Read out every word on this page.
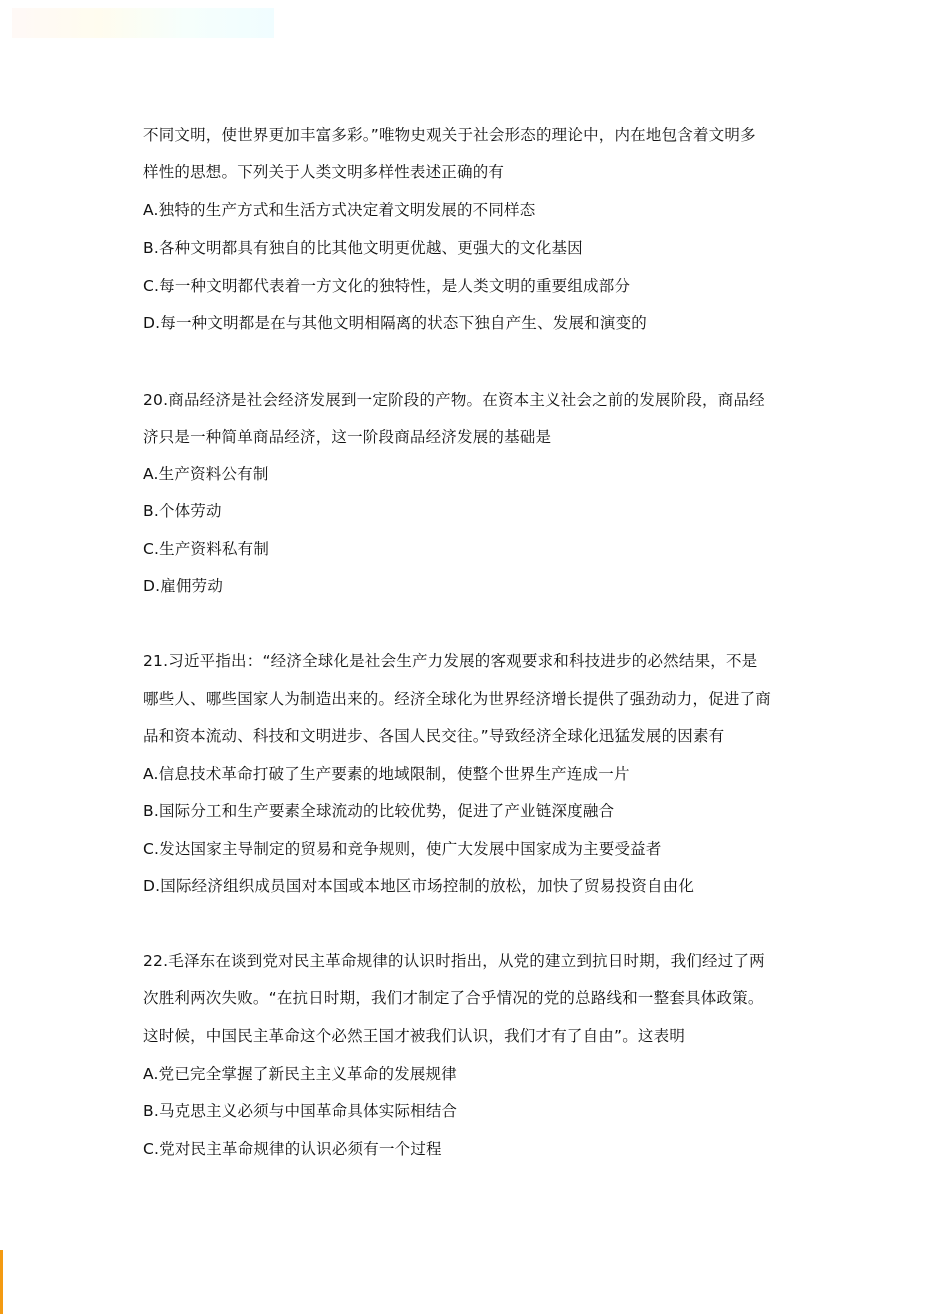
不同文明，使世界更加丰富多彩。”唯物史观关于社会形态的理论中，内在地包含着文明多
样性的思想。下列关于人类文明多样性表述正确的有
A.独特的生产方式和生活方式决定着文明发展的不同样态
B.各种文明都具有独自的比其他文明更优越、更强大的文化基因
C.每一种文明都代表着一方文化的独特性，是人类文明的重要组成部分
D.每一种文明都是在与其他文明相隔离的状态下独自产生、发展和演变的
20.商品经济是社会经济发展到一定阶段的产物。在资本主义社会之前的发展阶段，商品经
济只是一种简单商品经济，这一阶段商品经济发展的基础是
A.生产资料公有制
B.个体劳动
C.生产资料私有制
D.雇佣劳动
21.习近平指出：“经济全球化是社会生产力发展的客观要求和科技进步的必然结果，不是
哪些人、哪些国家人为制造出来的。经济全球化为世界经济增长提供了强劲动力，促进了商
品和资本流动、科技和文明进步、各国人民交往。”导致经济全球化迅猛发展的因素有
A.信息技术革命打破了生产要素的地域限制，使整个世界生产连成一片
B.国际分工和生产要素全球流动的比较优势，促进了产业链深度融合
C.发达国家主导制定的贸易和竞争规则，使广大发展中国家成为主要受益者
D.国际经济组织成员国对本国或本地区市场控制的放松，加快了贸易投资自由化
22.毛泽东在谈到党对民主革命规律的认识时指出，从党的建立到抗日时期，我们经过了两
次胜利两次失败。“在抗日时期，我们才制定了合乎情况的党的总路线和一整套具体政策。
这时候，中国民主革命这个必然王国才被我们认识，我们才有了自由”。这表明
A.党已完全掌握了新民主主义革命的发展规律
B.马克思主义必须与中国革命具体实际相结合
C.党对民主革命规律的认识必须有一个过程
